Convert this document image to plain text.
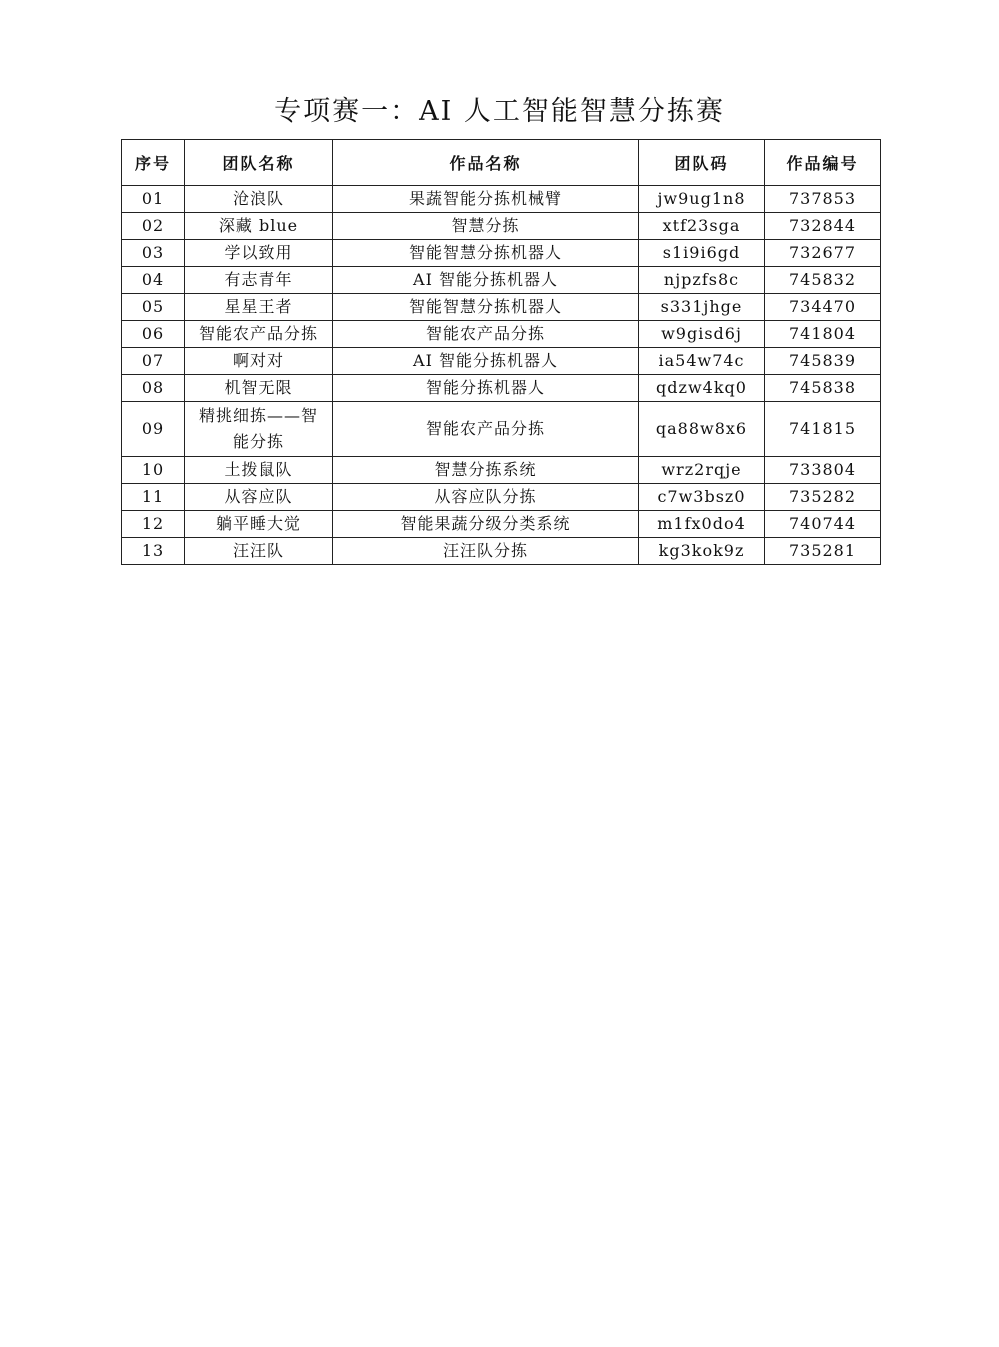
专项赛一：AI 人工智能智慧分拣赛
序号	团队名称	作品名称	团队码	作品编号
01	沧浪队	果蔬智能分拣机械臂	jw9ug1n8	737853
02	深藏 blue	智慧分拣	xtf23sga	732844
03	学以致用	智能智慧分拣机器人	s1i9i6gd	732677
04	有志青年	AI 智能分拣机器人	njpzfs8c	745832
05	星星王者	智能智慧分拣机器人	s331jhge	734470
06	智能农产品分拣	智能农产品分拣	w9gisd6j	741804
07	啊对对	AI 智能分拣机器人	ia54w74c	745839
08	机智无限	智能分拣机器人	qdzw4kq0	745838
09	精挑细拣——智能分拣	智能农产品分拣	qa88w8x6	741815
10	土拨鼠队	智慧分拣系统	wrz2rqje	733804
11	从容应队	从容应队分拣	c7w3bsz0	735282
12	躺平睡大觉	智能果蔬分级分类系统	m1fx0do4	740744
13	汪汪队	汪汪队分拣	kg3kok9z	735281
